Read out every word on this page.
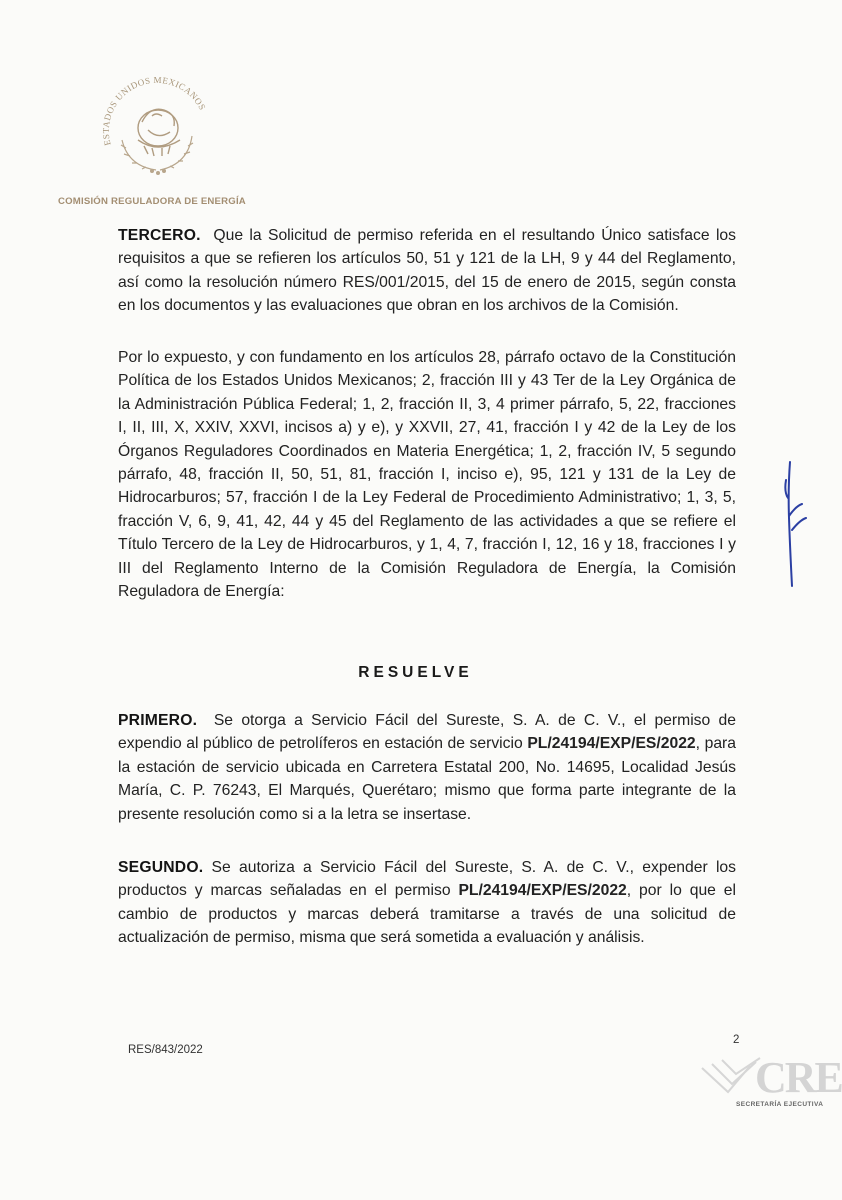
ESTADOS UNIDOS MEXICANOS
COMISIÓN REGULADORA DE ENERGÍA
TERCERO. Que la Solicitud de permiso referida en el resultando Único satisface los requisitos a que se refieren los artículos 50, 51 y 121 de la LH, 9 y 44 del Reglamento, así como la resolución número RES/001/2015, del 15 de enero de 2015, según consta en los documentos y las evaluaciones que obran en los archivos de la Comisión.
Por lo expuesto, y con fundamento en los artículos 28, párrafo octavo de la Constitución Política de los Estados Unidos Mexicanos; 2, fracción III y 43 Ter de la Ley Orgánica de la Administración Pública Federal; 1, 2, fracción II, 3, 4 primer párrafo, 5, 22, fracciones I, II, III, X, XXIV, XXVI, incisos a) y e), y XXVII, 27, 41, fracción I y 42 de la Ley de los Órganos Reguladores Coordinados en Materia Energética; 1, 2, fracción IV, 5 segundo párrafo, 48, fracción II, 50, 51, 81, fracción I, inciso e), 95, 121 y 131 de la Ley de Hidrocarburos; 57, fracción I de la Ley Federal de Procedimiento Administrativo; 1, 3, 5, fracción V, 6, 9, 41, 42, 44 y 45 del Reglamento de las actividades a que se refiere el Título Tercero de la Ley de Hidrocarburos, y 1, 4, 7, fracción I, 12, 16 y 18, fracciones I y III del Reglamento Interno de la Comisión Reguladora de Energía, la Comisión Reguladora de Energía:
RESUELVE
PRIMERO. Se otorga a Servicio Fácil del Sureste, S. A. de C. V., el permiso de expendio al público de petrolíferos en estación de servicio PL/24194/EXP/ES/2022, para la estación de servicio ubicada en Carretera Estatal 200, No. 14695, Localidad Jesús María, C. P. 76243, El Marqués, Querétaro; mismo que forma parte integrante de la presente resolución como si a la letra se insertase.
SEGUNDO. Se autoriza a Servicio Fácil del Sureste, S. A. de C. V., expender los productos y marcas señaladas en el permiso PL/24194/EXP/ES/2022, por lo que el cambio de productos y marcas deberá tramitarse a través de una solicitud de actualización de permiso, misma que será sometida a evaluación y análisis.
RES/843/2022
2
CRE
SECRETARÍA EJECUTIVA
